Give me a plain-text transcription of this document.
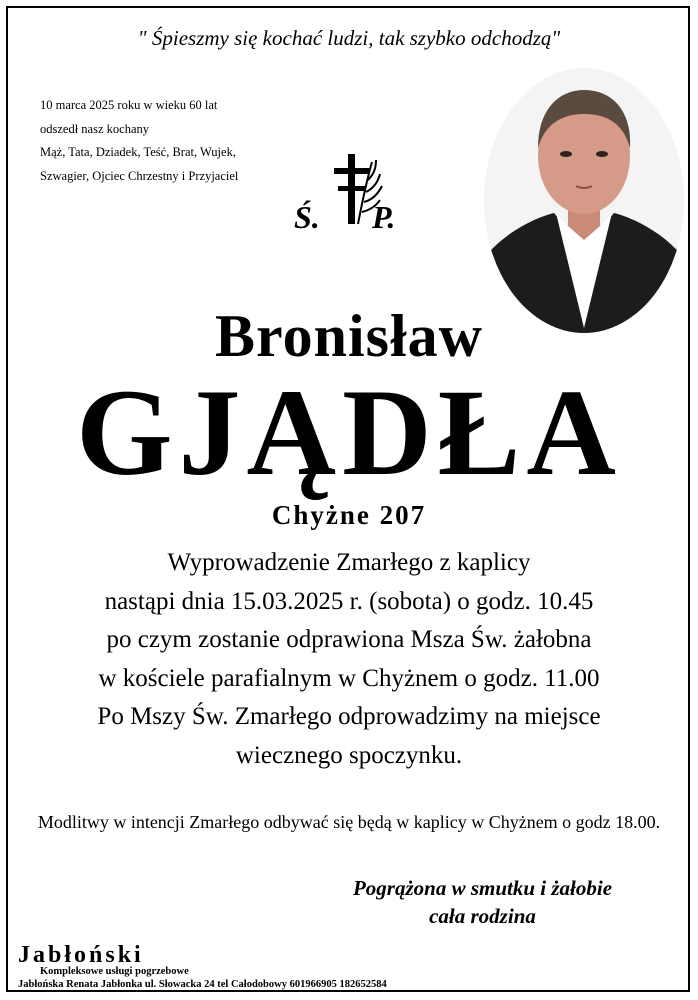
" Śpieszmy się kochać ludzi, tak szybko odchodzą"
10 marca 2025 roku w wieku 60 lat
odszedł nasz kochany
Mąż, Tata, Dziadek, Teść, Brat, Wujek,
Szwagier, Ojciec Chrzestny i Przyjaciel
Ś. P.
Bronisław
GJĄDŁA
Chyżne 207
Wyprowadzenie Zmarłego z kaplicy
nastąpi dnia 15.03.2025 r. (sobota) o godz. 10.45
po czym zostanie odprawiona Msza Św. żałobna
w kościele parafialnym w Chyżnem o godz. 11.00
Po Mszy Św. Zmarłego odprowadzimy na miejsce
wiecznego spoczynku.
Modlitwy w intencji Zmarłego odbywać się będą w kaplicy w Chyżnem o godz 18.00.
Pogrążona w smutku i żałobie
cała rodzina
Jabłoński
Kompleksowe usługi pogrzebowe
Jabłońska Renata Jabłonka ul. Słowacka 24 tel Całodobowy 601966905 182652584
